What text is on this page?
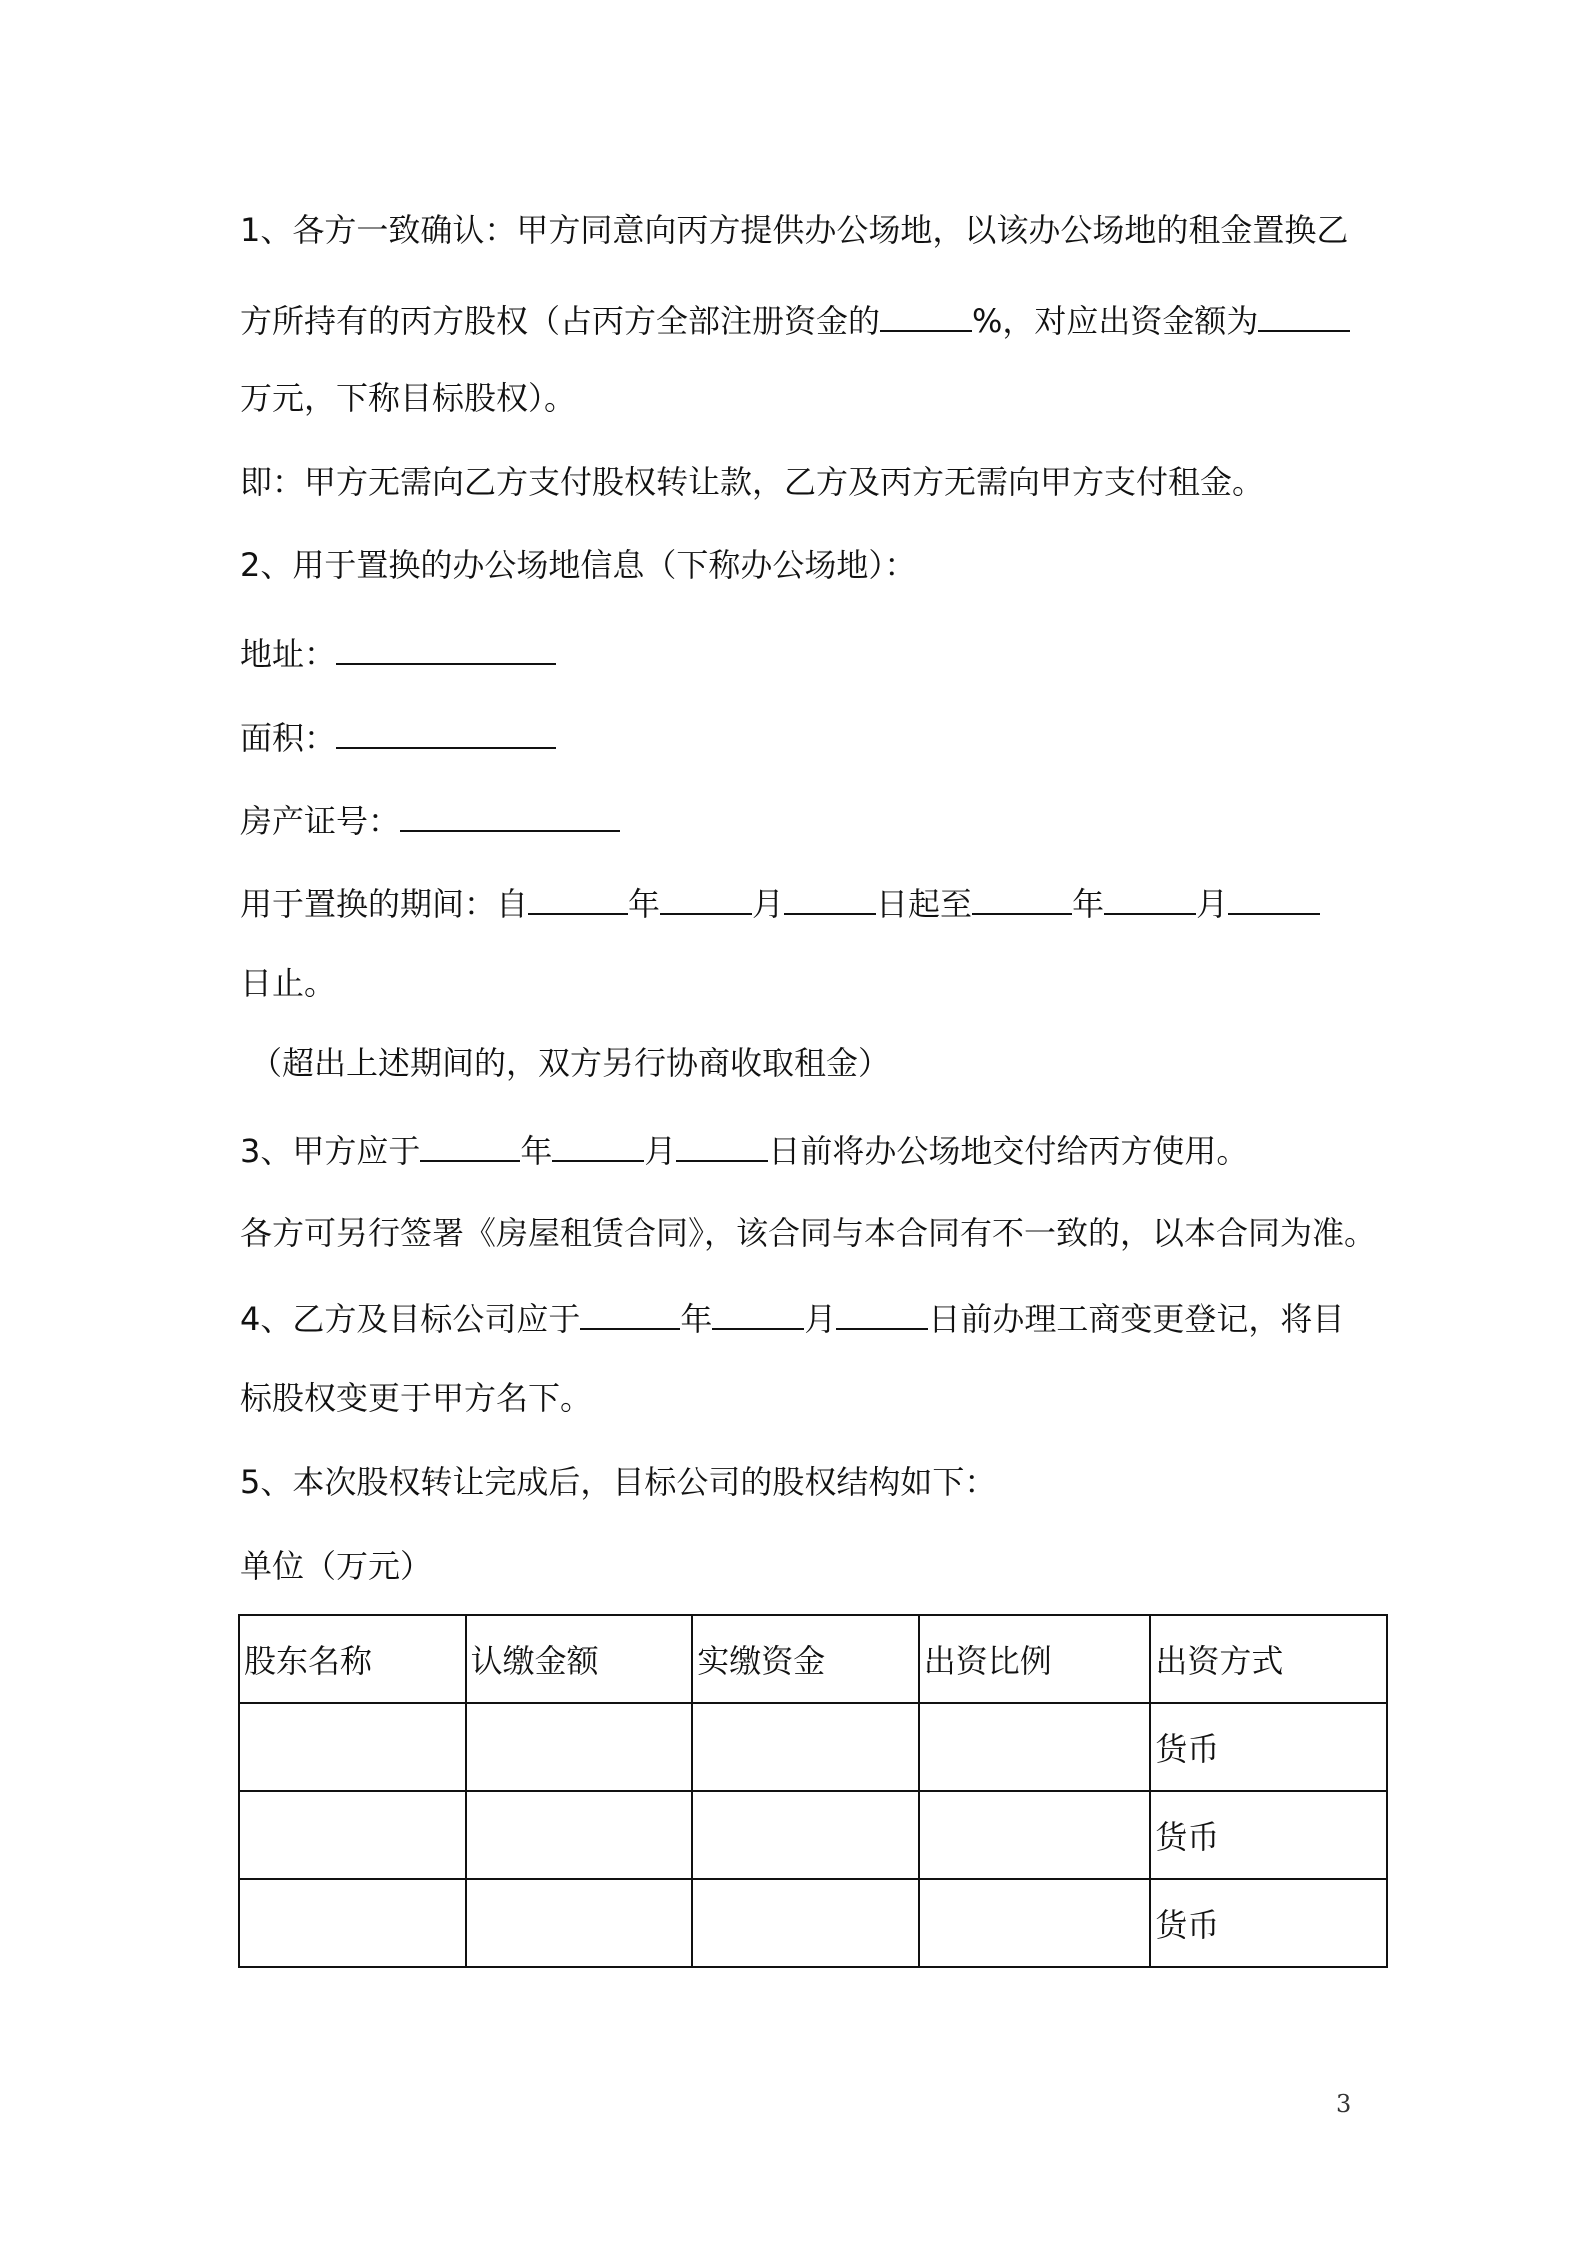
1、各方一致确认：甲方同意向丙方提供办公场地，以该办公场地的租金置换乙

方所持有的丙方股权（占丙方全部注册资金的	%，对应出资金额为

万元，下称目标股权）。

即：甲方无需向乙方支付股权转让款，乙方及丙方无需向甲方支付租金。

2、用于置换的办公场地信息（下称办公场地）：

地址：

面积：

房产证号：

用于置换的期间：自	年	月	日起至	年	月

日止。

（超出上述期间的，双方另行协商收取租金）

3、甲方应于	年	月	日前将办公场地交付给丙方使用。

各方可另行签署《房屋租赁合同》，该合同与本合同有不一致的，以本合同为准。

4、乙方及目标公司应于	年	月	日前办理工商变更登记，将目

标股权变更于甲方名下。

5、本次股权转让完成后，目标公司的股权结构如下：

单位（万元）

股东名称	认缴金额	实缴资金	出资比例	出资方式
				货币
				货币
				货币
3
